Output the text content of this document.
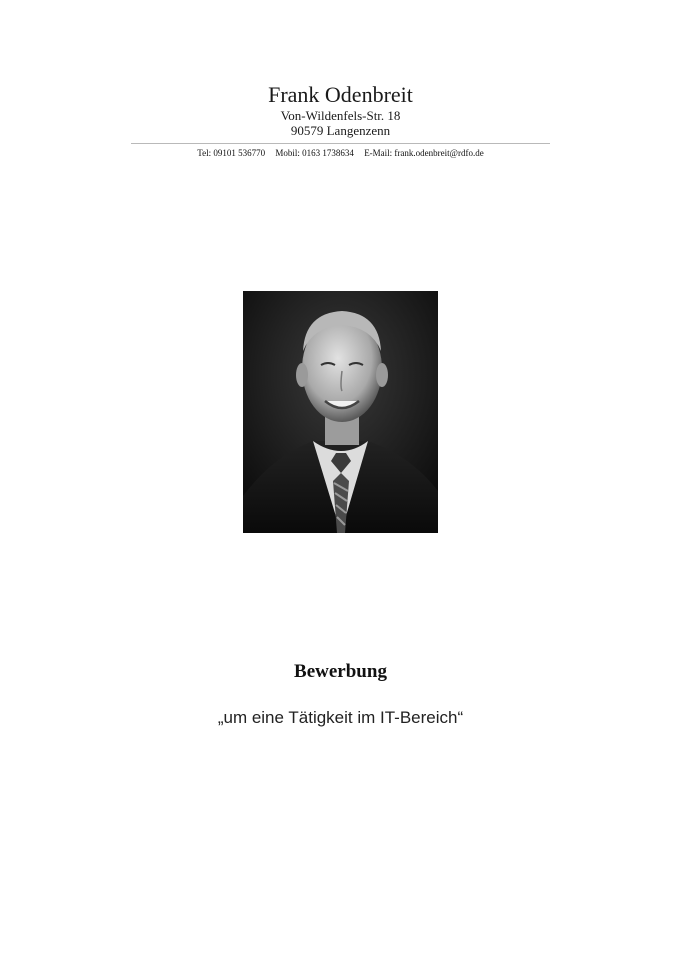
Frank Odenbreit
Von-Wildenfels-Str. 18
90579 Langenzenn
Tel: 09101 536770 Mobil: 0163 1738634 E-Mail: frank.odenbreit@rdfo.de
Bewerbung
„um eine Tätigkeit im IT-Bereich“
